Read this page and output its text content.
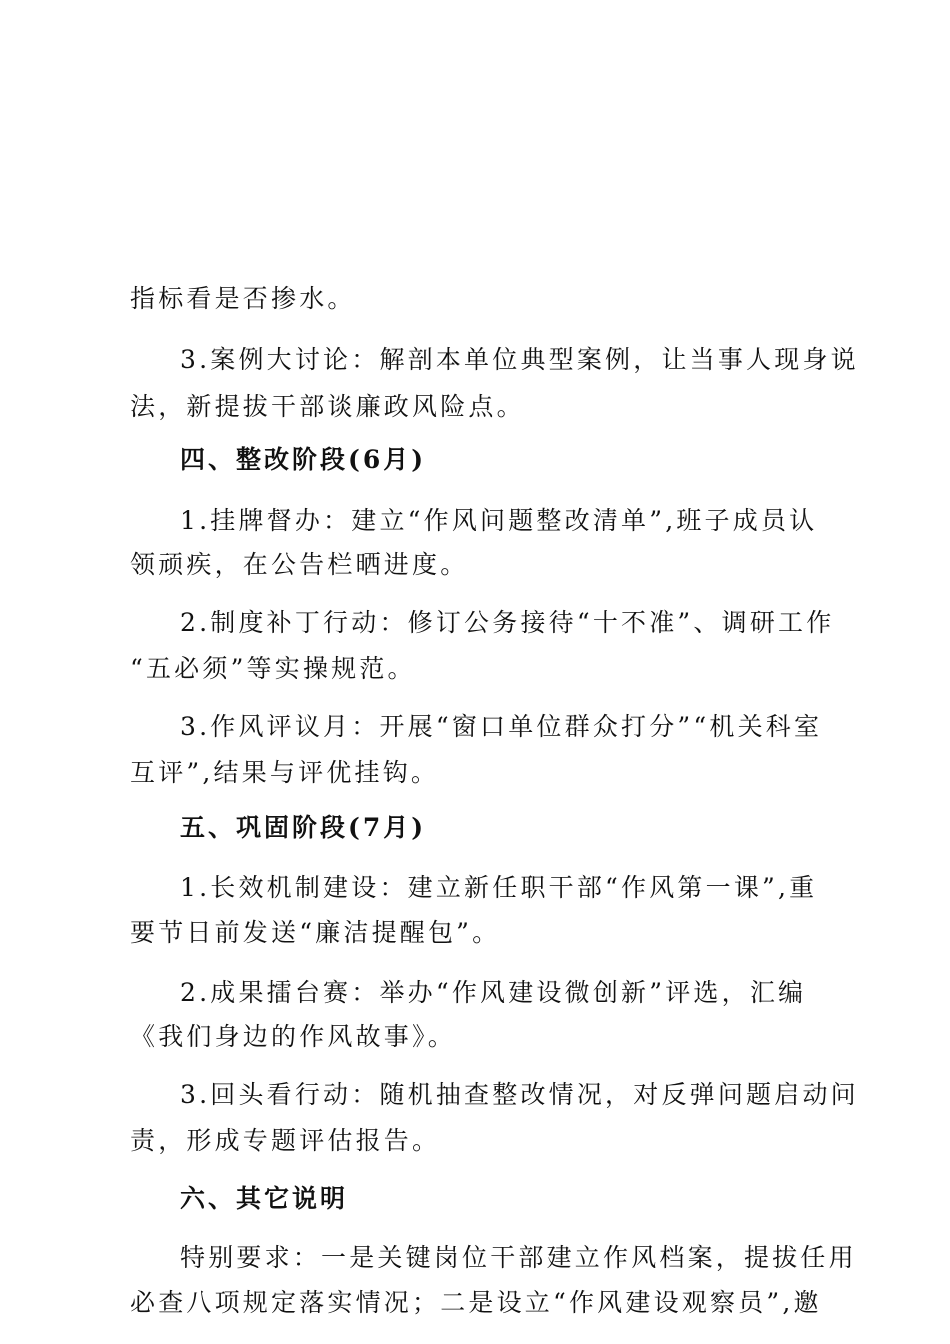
指标看是否掺水。
3.案例大讨论：解剖本单位典型案例，让当事人现身说
法，新提拔干部谈廉政风险点。
四、整改阶段(6月)
1.挂牌督办：建立“作风问题整改清单”,班子成员认
领顽疾，在公告栏晒进度。
2.制度补丁行动：修订公务接待“十不准”、调研工作
“五必须”等实操规范。
3.作风评议月：开展“窗口单位群众打分”“机关科室
互评”,结果与评优挂钩。
五、巩固阶段(7月)
1.长效机制建设：建立新任职干部“作风第一课”,重
要节日前发送“廉洁提醒包”。
2.成果擂台赛：举办“作风建设微创新”评选，汇编
《我们身边的作风故事》。
3.回头看行动：随机抽查整改情况，对反弹问题启动问
责，形成专题评估报告。
六、其它说明
特别要求：一是关键岗位干部建立作风档案，提拔任用
必查八项规定落实情况；二是设立“作风建设观察员”,邀
